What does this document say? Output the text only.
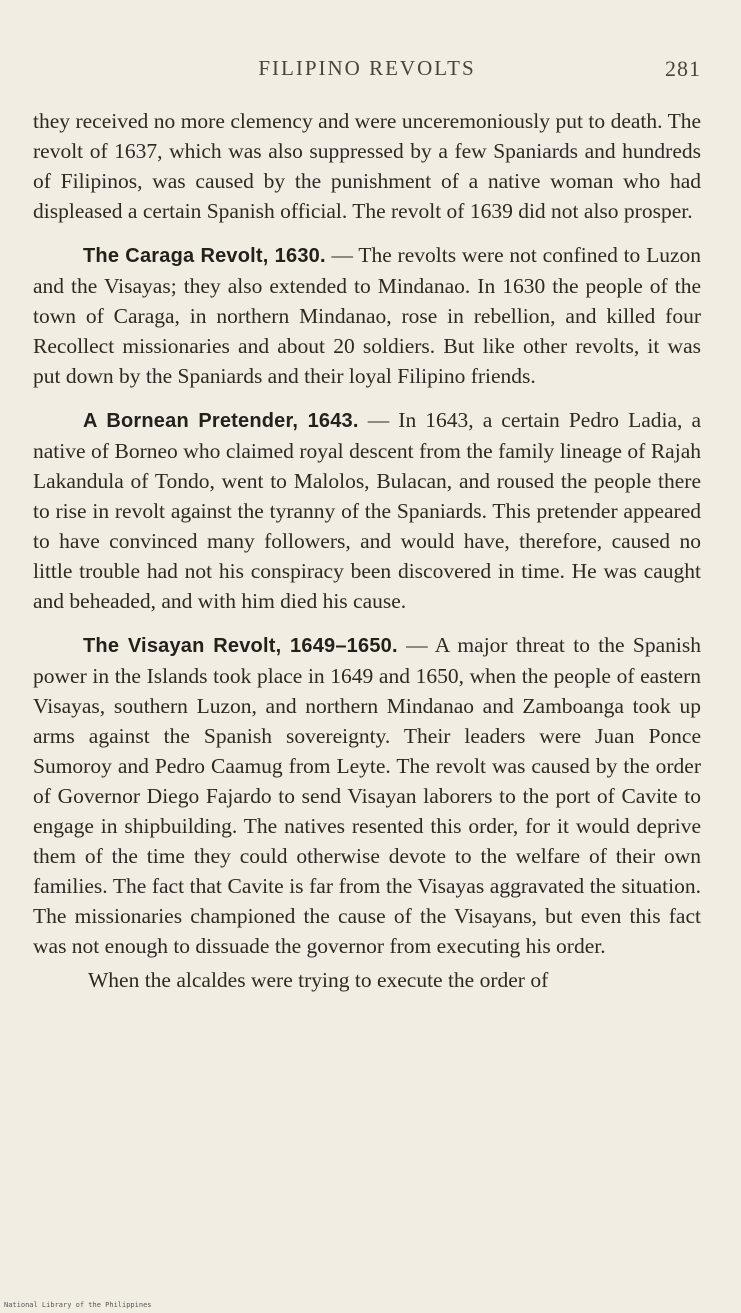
FILIPINO REVOLTS	281

they received no more clemency and were unceremoniously put to death. The revolt of 1637, which was also suppressed by a few Spaniards and hundreds of Filipinos, was caused by the punishment of a native woman who had displeased a certain Spanish official. The revolt of 1639 did not also prosper.

The Caraga Revolt, 1630. — The revolts were not confined to Luzon and the Visayas; they also extended to Mindanao. In 1630 the people of the town of Caraga, in northern Mindanao, rose in rebellion, and killed four Recollect missionaries and about 20 soldiers. But like other revolts, it was put down by the Spaniards and their loyal Filipino friends.

A Bornean Pretender, 1643. — In 1643, a certain Pedro Ladia, a native of Borneo who claimed royal descent from the family lineage of Rajah Lakandula of Tondo, went to Malolos, Bulacan, and roused the people there to rise in revolt against the tyranny of the Spaniards. This pretender appeared to have convinced many followers, and would have, therefore, caused no little trouble had not his conspiracy been discovered in time. He was caught and beheaded, and with him died his cause.

The Visayan Revolt, 1649–1650. — A major threat to the Spanish power in the Islands took place in 1649 and 1650, when the people of eastern Visayas, southern Luzon, and northern Mindanao and Zamboanga took up arms against the Spanish sovereignty. Their leaders were Juan Ponce Sumoroy and Pedro Caamug from Leyte. The revolt was caused by the order of Governor Diego Fajardo to send Visayan laborers to the port of Cavite to engage in shipbuilding. The natives resented this order, for it would deprive them of the time they could otherwise devote to the welfare of their own families. The fact that Cavite is far from the Visayas aggravated the situation. The missionaries championed the cause of the Visayans, but even this fact was not enough to dissuade the governor from executing his order.

When the alcaldes were trying to execute the order of

National Library of the Philippines
